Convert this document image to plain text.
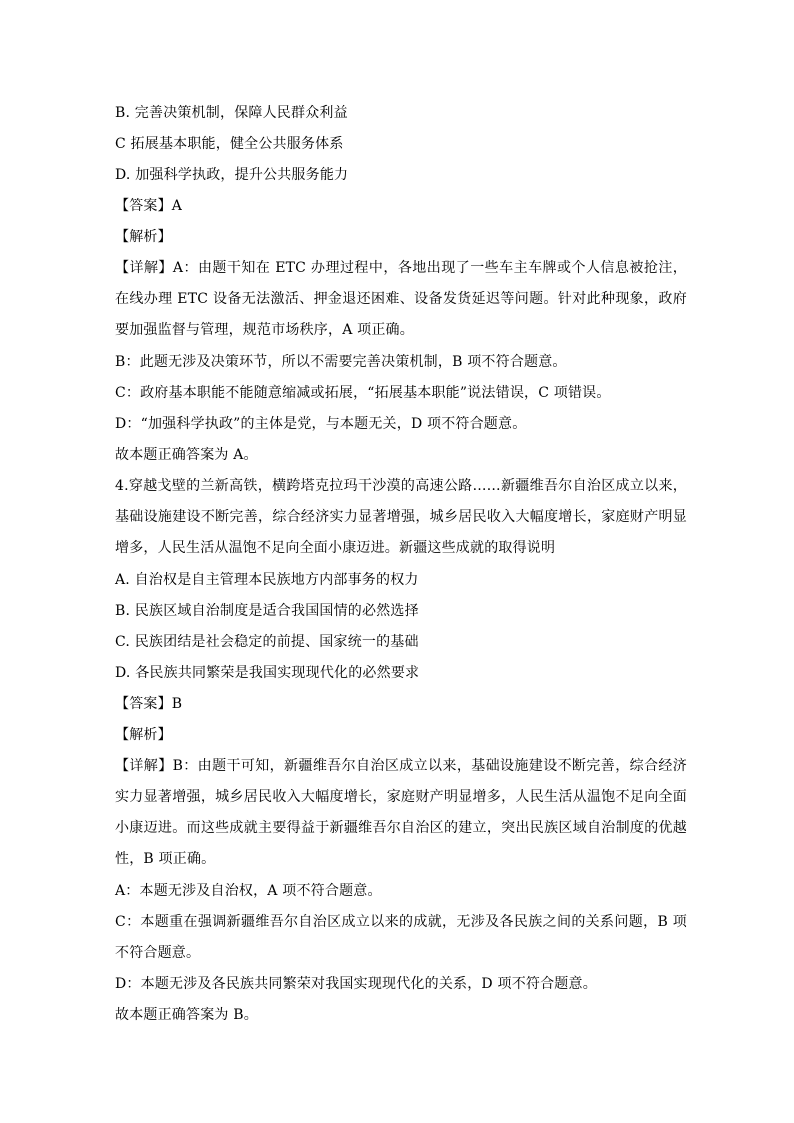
B. 完善决策机制，保障人民群众利益
C 拓展基本职能，健全公共服务体系
D. 加强科学执政，提升公共服务能力
【答案】A
【解析】
【详解】A：由题干知在 ETC 办理过程中，各地出现了一些车主车牌或个人信息被抢注，在线办理 ETC 设备无法激活、押金退还困难、设备发货延迟等问题。针对此种现象，政府要加强监督与管理，规范市场秩序，A 项正确。
B：此题无涉及决策环节，所以不需要完善决策机制，B 项不符合题意。
C：政府基本职能不能随意缩减或拓展，“拓展基本职能”说法错误，C 项错误。
D：“加强科学执政”的主体是党，与本题无关，D 项不符合题意。
故本题正确答案为 A。
4.穿越戈壁的兰新高铁，横跨塔克拉玛干沙漠的高速公路……新疆维吾尔自治区成立以来，基础设施建设不断完善，综合经济实力显著增强，城乡居民收入大幅度增长，家庭财产明显增多，人民生活从温饱不足向全面小康迈进。新疆这些成就的取得说明
A. 自治权是自主管理本民族地方内部事务的权力
B. 民族区域自治制度是适合我国国情的必然选择
C. 民族团结是社会稳定的前提、国家统一的基础
D. 各民族共同繁荣是我国实现现代化的必然要求
【答案】B
【解析】
【详解】B：由题干可知，新疆维吾尔自治区成立以来，基础设施建设不断完善，综合经济实力显著增强，城乡居民收入大幅度增长，家庭财产明显增多，人民生活从温饱不足向全面小康迈进。而这些成就主要得益于新疆维吾尔自治区的建立，突出民族区域自治制度的优越性，B 项正确。
A：本题无涉及自治权，A 项不符合题意。
C：本题重在强调新疆维吾尔自治区成立以来的成就，无涉及各民族之间的关系问题，B 项不符合题意。
D：本题无涉及各民族共同繁荣对我国实现现代化的关系，D 项不符合题意。
故本题正确答案为 B。
